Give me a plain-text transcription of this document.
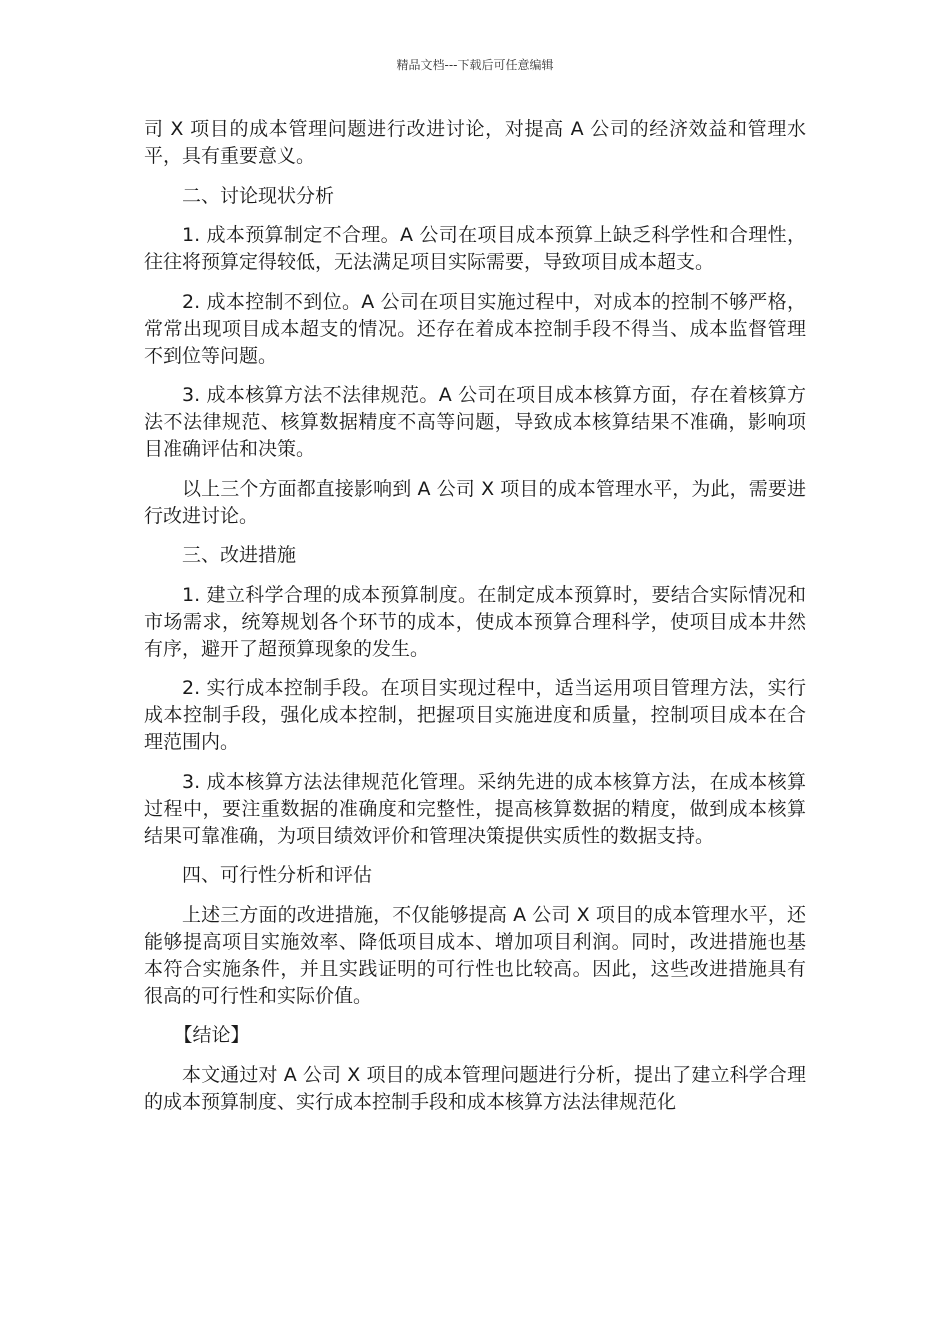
精品文档---下载后可任意编辑

司 X 项目的成本管理问题进行改进讨论，对提高 A 公司的经济效益和管理水平，具有重要意义。

二、讨论现状分析

1. 成本预算制定不合理。A 公司在项目成本预算上缺乏科学性和合理性，往往将预算定得较低，无法满足项目实际需要，导致项目成本超支。

2. 成本控制不到位。A 公司在项目实施过程中，对成本的控制不够严格，常常出现项目成本超支的情况。还存在着成本控制手段不得当、成本监督管理不到位等问题。

3. 成本核算方法不法律规范。A 公司在项目成本核算方面，存在着核算方法不法律规范、核算数据精度不高等问题，导致成本核算结果不准确，影响项目准确评估和决策。

以上三个方面都直接影响到 A 公司 X 项目的成本管理水平，为此，需要进行改进讨论。

三、改进措施

1. 建立科学合理的成本预算制度。在制定成本预算时，要结合实际情况和市场需求，统筹规划各个环节的成本，使成本预算合理科学，使项目成本井然有序，避开了超预算现象的发生。

2. 实行成本控制手段。在项目实现过程中，适当运用项目管理方法，实行成本控制手段，强化成本控制，把握项目实施进度和质量，控制项目成本在合理范围内。

3. 成本核算方法法律规范化管理。采纳先进的成本核算方法，在成本核算过程中，要注重数据的准确度和完整性，提高核算数据的精度，做到成本核算结果可靠准确，为项目绩效评价和管理决策提供实质性的数据支持。

四、可行性分析和评估

上述三方面的改进措施，不仅能够提高 A 公司 X 项目的成本管理水平，还能够提高项目实施效率、降低项目成本、增加项目利润。同时，改进措施也基本符合实施条件，并且实践证明的可行性也比较高。因此，这些改进措施具有很高的可行性和实际价值。

【结论】

本文通过对 A 公司 X 项目的成本管理问题进行分析，提出了建立科学合理的成本预算制度、实行成本控制手段和成本核算方法法律规范化
